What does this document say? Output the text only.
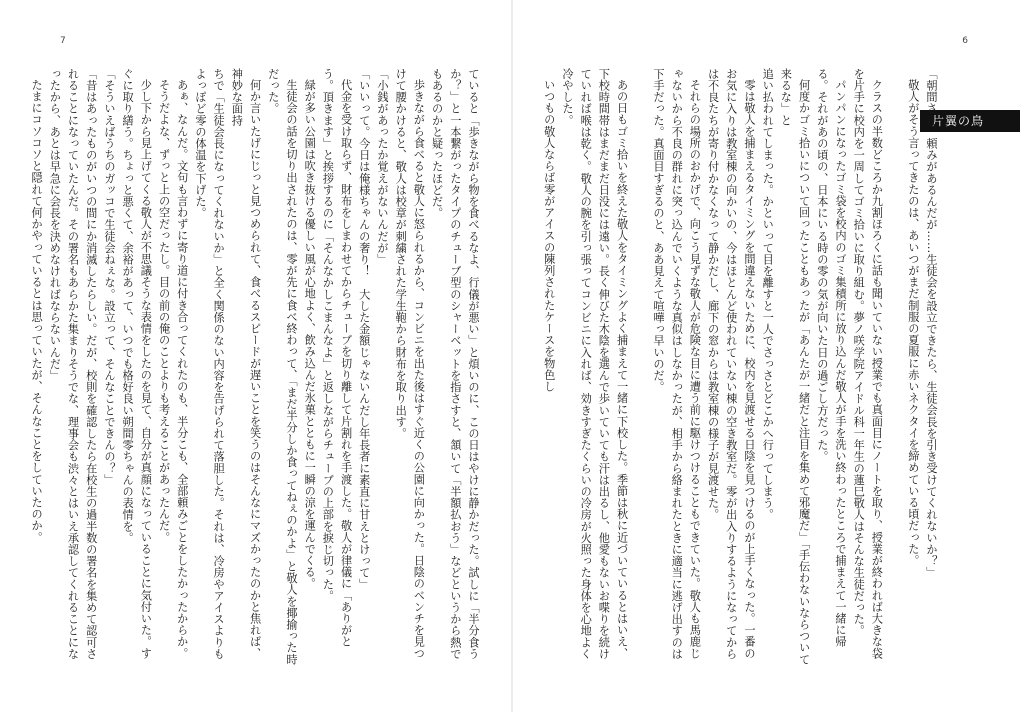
7

ていると「歩きながら物を食べるなよ、行儀が悪い」と煩いのに、この日はやけに静かだった。試しに「半分食うか？」と一本繋がったタイプのチューブ型のシャーベットを指さすと、頷いて「半額払おう」などというから熱でもあるのかと疑ったほどだ。

歩きながら食べると敬人に怒られるから、コンビニを出た後はすぐ近くの公園に向かった。日陰のベンチを見つけて腰かけると、敬人は校章が刺繍された学生鞄から財布を取り出す。

「小銭があったか覚えがないんだが」

「いいって。今日は俺様ちゃんの奢り！　大した金額じゃないんだし年長者に素直に甘えとけって」

代金を受け取らず、財布をしまわせてからチューブを切り離して片割れを手渡した。敬人が律儀に「ありがとう。頂きます」と挨拶するのに「そんなかしこまんなよ」と返しながらチューブの上部を捩じ切った。

緑が多い公園は吹き抜ける優しい風が心地よく、飲み込んだ氷菓とともに一瞬の涼を運んでくる。

生徒会の話を切り出されたのは、零が先に食べ終わって、「まだ半分しか食ってねぇのかよ」と敬人を揶揄った時だった。

何か言いたげにじっと見つめられて、食べるスピードが遅いことを笑うのはそんなにマズかったのかと焦れば、神妙な面持

ちで「生徒会長になってくれないか」と全く関係のない内容を告げられて落胆した。それは、冷房やアイスよりもよっぽど零の体温を下げた。

あぁ、なんだ。文句も言わずに寄り道に付き合ってくれたのも、半分こも、全部頼みごとをしたかったからか。

そうだよな、ずっと上の空だったし。目の前の俺のことよりも考えることがあったんだ。

少し下から見上げてくる敬人が不思議そうな表情をしたのを見て、自分が真顔になっていることに気付いた。すぐに取り繕う。ちょっと悪くて、余裕があって、いつでも格好良い朔間零ちゃんの表情を。

「そういえばうちのガッコで生徒会ねぇな。設立って、そんなことできんの？」

「昔はあったものがいつの間にか消滅したらしい。だが、校則を確認したら在校生の過半数の署名を集めて認可されることになっていたんだ。その署名もあらかた集まりそうでな、理事会も渋々とはいえ承認してくれることになったから、あとは早急に会長を決めなければならないんだ」

たまにコソコソと隠れて何かやっているとは思っていたが、そんなことをしていたのか。

6
片翼の鳥

「朝間さん、頼みがあるんだが……生徒会を設立できたら、生徒会長を引き受けてくれないか？」

敬人がそう言ってきたのは、あいつがまだ制服の夏服に赤いネクタイを締めている頃だった。

クラスの半数どころか九割ほろくに話も聞いていない授業でも真面目にノートを取り、授業が終われば大きな袋を片手に校内を一周してゴミ拾いに取り組む。夢ノ咲学院アイドル科一年生の蓮巳敬人はそんな生徒だった。

パンパンになったゴミ袋を校内のゴミ集積所に放り込んだ敬人が手を洗い終わったところで捕まえて一緒に帰る。それがあの頃の、日本にいる時の零の気が向いた日の過ごし方だった。

何度かゴミ拾いについて回ったこともあったが「あんたが一緒だと注目を集めて邪魔だ」「手伝わないならついて来るな」と

追い払われてしまった。かといって目を離すと一人でさっさとどこかへ行ってしまう。

零は敬人を捕まえるタイミングを間違えないために、校内を見渡せる日陰を見つけるのが上手くなった。一番のお気に入りは教室棟の向かいの、今はほとんど使われていない棟の空き教室だ。零が出入りするようになってからは不良たちが寄り付かなくなって静かだし、廊下の窓からは教室棟の様子が見渡せた。

それらの場所のおかげで、向こう見ずな敬人が危険な目に遭う前に駆けつけることもできていた。敬人も馬鹿じゃないから不良の群れに突っ込んでいくような真似はしなかったが、相手から絡まれたときに適当に逃げ出すのは下手だった。真面目すぎるのと、ああ見えて喧嘩っ早いのだ。

あの日もゴミ拾いを終えた敬人をタイミングよく捕まえて一緒に下校した。季節は秋に近づいているとはいえ、下校時間帯はまだまだ日没には遠い。長く伸びた木陰を選んで歩いていても汗は出るし、他愛もないお喋りを続けていれば喉は乾く。敬人の腕を引っ張ってコンビニに入れば、効きすぎたくらいの冷房が火照った身体を心地よく冷やした。

いつもの敬人ならば零がアイスの陳列されたケースを物色し
